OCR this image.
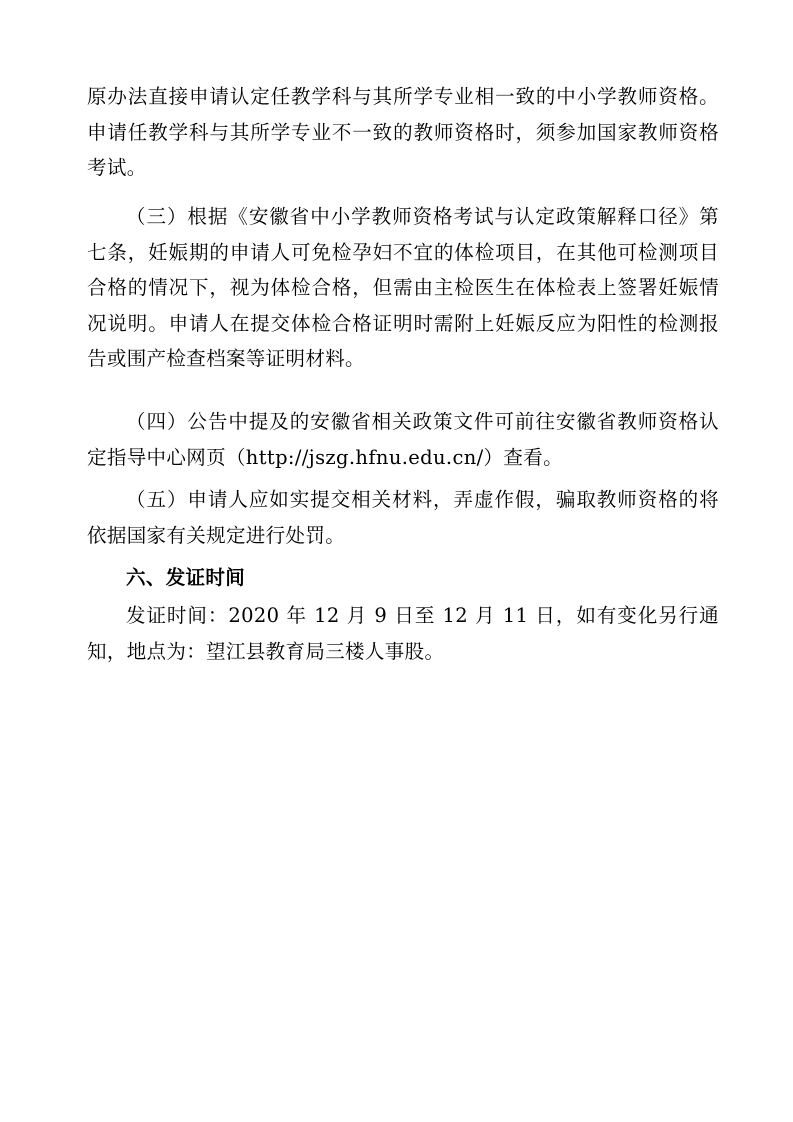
原办法直接申请认定任教学科与其所学专业相一致的中小学教师资格。申请任教学科与其所学专业不一致的教师资格时，须参加国家教师资格考试。

（三）根据《安徽省中小学教师资格考试与认定政策解释口径》第七条，妊娠期的申请人可免检孕妇不宜的体检项目，在其他可检测项目合格的情况下，视为体检合格，但需由主检医生在体检表上签署妊娠情况说明。申请人在提交体检合格证明时需附上妊娠反应为阳性的检测报告或围产检查档案等证明材料。

（四）公告中提及的安徽省相关政策文件可前往安徽省教师资格认定指导中心网页（http://jszg.hfnu.edu.cn/）查看。

（五）申请人应如实提交相关材料，弄虚作假，骗取教师资格的将依据国家有关规定进行处罚。

六、发证时间

发证时间：2020 年 12 月 9 日至 12 月 11 日，如有变化另行通知，地点为：望江县教育局三楼人事股。
